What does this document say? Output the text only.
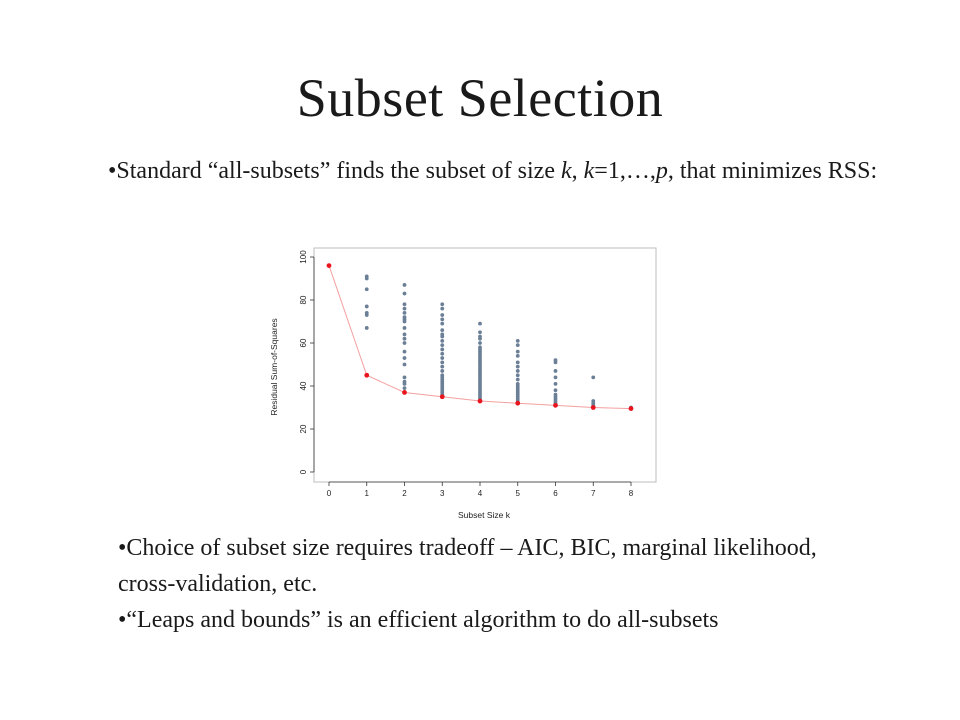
Subset Selection
•Standard “all-subsets” finds the subset of size k, k=1,…,p, that minimizes RSS:
0
20
40
60
80
100
0	1	2	3	4	5	6	7	8
Subset Size k
Residual Sum-of-Squares

•Choice of subset size requires tradeoff – AIC, BIC, marginal likelihood, cross-validation, etc.

•“Leaps and bounds” is an efficient algorithm to do all-subsets
